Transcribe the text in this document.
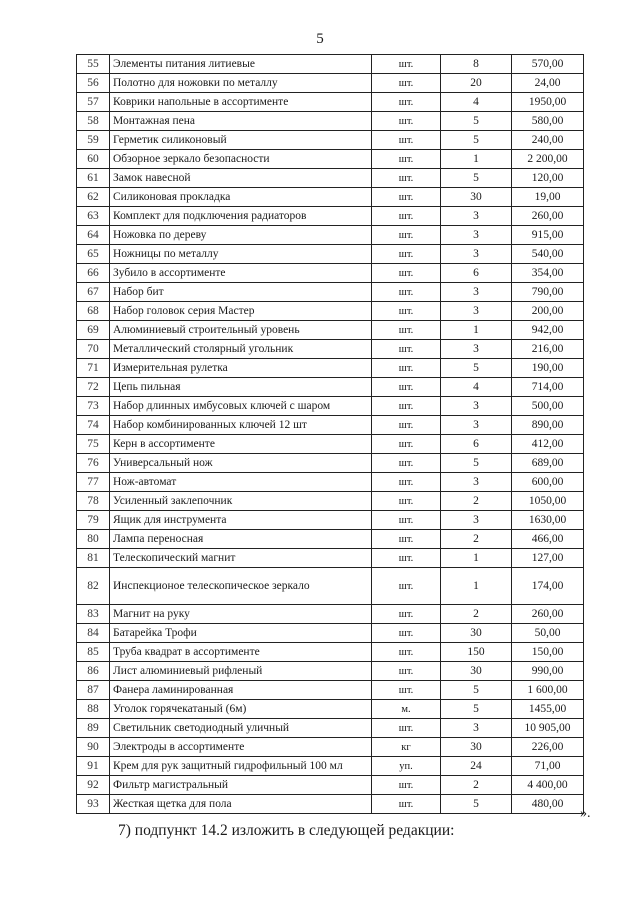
5
55	Элементы питания литиевые	шт.	8	570,00
56	Полотно для ножовки по металлу	шт.	20	24,00
57	Коврики напольные в ассортименте	шт.	4	1950,00
58	Монтажная пена	шт.	5	580,00
59	Герметик силиконовый	шт.	5	240,00
60	Обзорное зеркало безопасности	шт.	1	2 200,00
61	Замок навесной	шт.	5	120,00
62	Силиконовая прокладка	шт.	30	19,00
63	Комплект для подключения радиаторов	шт.	3	260,00
64	Ножовка по дереву	шт.	3	915,00
65	Ножницы по металлу	шт.	3	540,00
66	Зубило в ассортименте	шт.	6	354,00
67	Набор бит	шт.	3	790,00
68	Набор головок серия Мастер	шт.	3	200,00
69	Алюминиевый строительный уровень	шт.	1	942,00
70	Металлический столярный угольник	шт.	3	216,00
71	Измерительная рулетка	шт.	5	190,00
72	Цепь пильная	шт.	4	714,00
73	Набор длинных имбусовых ключей с шаром	шт.	3	500,00
74	Набор комбинированных ключей 12 шт	шт.	3	890,00
75	Керн в ассортименте	шт.	6	412,00
76	Универсальный нож	шт.	5	689,00
77	Нож-автомат	шт.	3	600,00
78	Усиленный заклепочник	шт.	2	1050,00
79	Ящик для инструмента	шт.	3	1630,00
80	Лампа переносная	шт.	2	466,00
81	Телескопический магнит	шт.	1	127,00
82	Инспекционое телескопическое зеркало	шт.	1	174,00
83	Магнит на руку	шт.	2	260,00
84	Батарейка Трофи	шт.	30	50,00
85	Труба квадрат в ассортименте	шт.	150	150,00
86	Лист алюминиевый рифленый	шт.	30	990,00
87	Фанера ламинированная	шт.	5	1 600,00
88	Уголок горячекатаный (6м)	м.	5	1455,00
89	Светильник светодиодный уличный	шт.	3	10 905,00
90	Электроды в ассортименте	кг	30	226,00
91	Крем для рук защитный гидрофильный 100 мл	уп.	24	71,00
92	Фильтр магистральный	шт.	2	4 400,00
93	Жесткая щетка для пола	шт.	5	480,00
».
7) подпункт 14.2 изложить в следующей редакции:
